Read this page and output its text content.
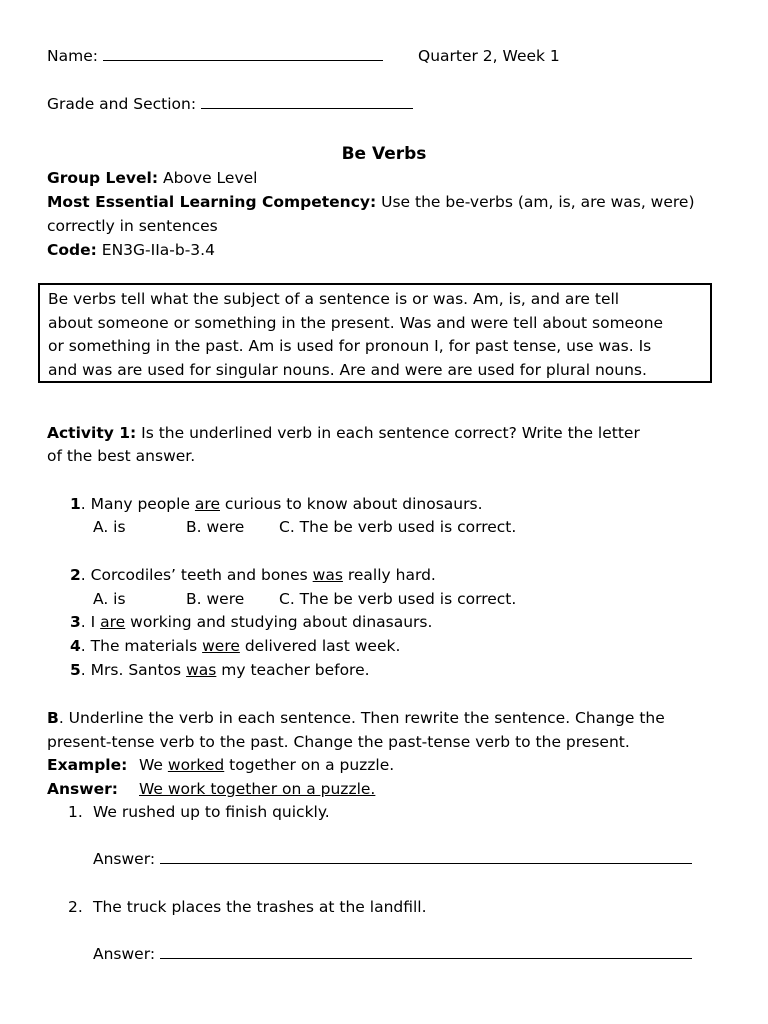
Name:	Quarter 2, Week 1
Grade and Section:
Be Verbs
Group Level: Above Level
Most Essential Learning Competency: Use the be-verbs (am, is, are was, were)
correctly in sentences
Code: EN3G-IIa-b-3.4
Be verbs tell what the subject of a sentence is or was. Am, is, and are tell
about someone or something in the present. Was and were tell about someone
or something in the past. Am is used for pronoun I, for past tense, use was. Is
and was are used for singular nouns. Are and were are used for plural nouns.
Activity 1: Is the underlined verb in each sentence correct? Write the letter
of the best answer.
1. Many people are curious to know about dinosaurs.
A. is	B. were C. The be verb used is correct.
2. Corcodiles’ teeth and bones was really hard.
A. is	B. were C. The be verb used is correct.
3. I are working and studying about dinasaurs.
4. The materials were delivered last week.
5. Mrs. Santos was my teacher before.
B. Underline the verb in each sentence. Then rewrite the sentence. Change the
present-tense verb to the past. Change the past-tense verb to the present.
Example: We worked together on a puzzle.
Answer: We work together on a puzzle.
1. We rushed up to finish quickly.
Answer:
2. The truck places the trashes at the landfill.
Answer:
